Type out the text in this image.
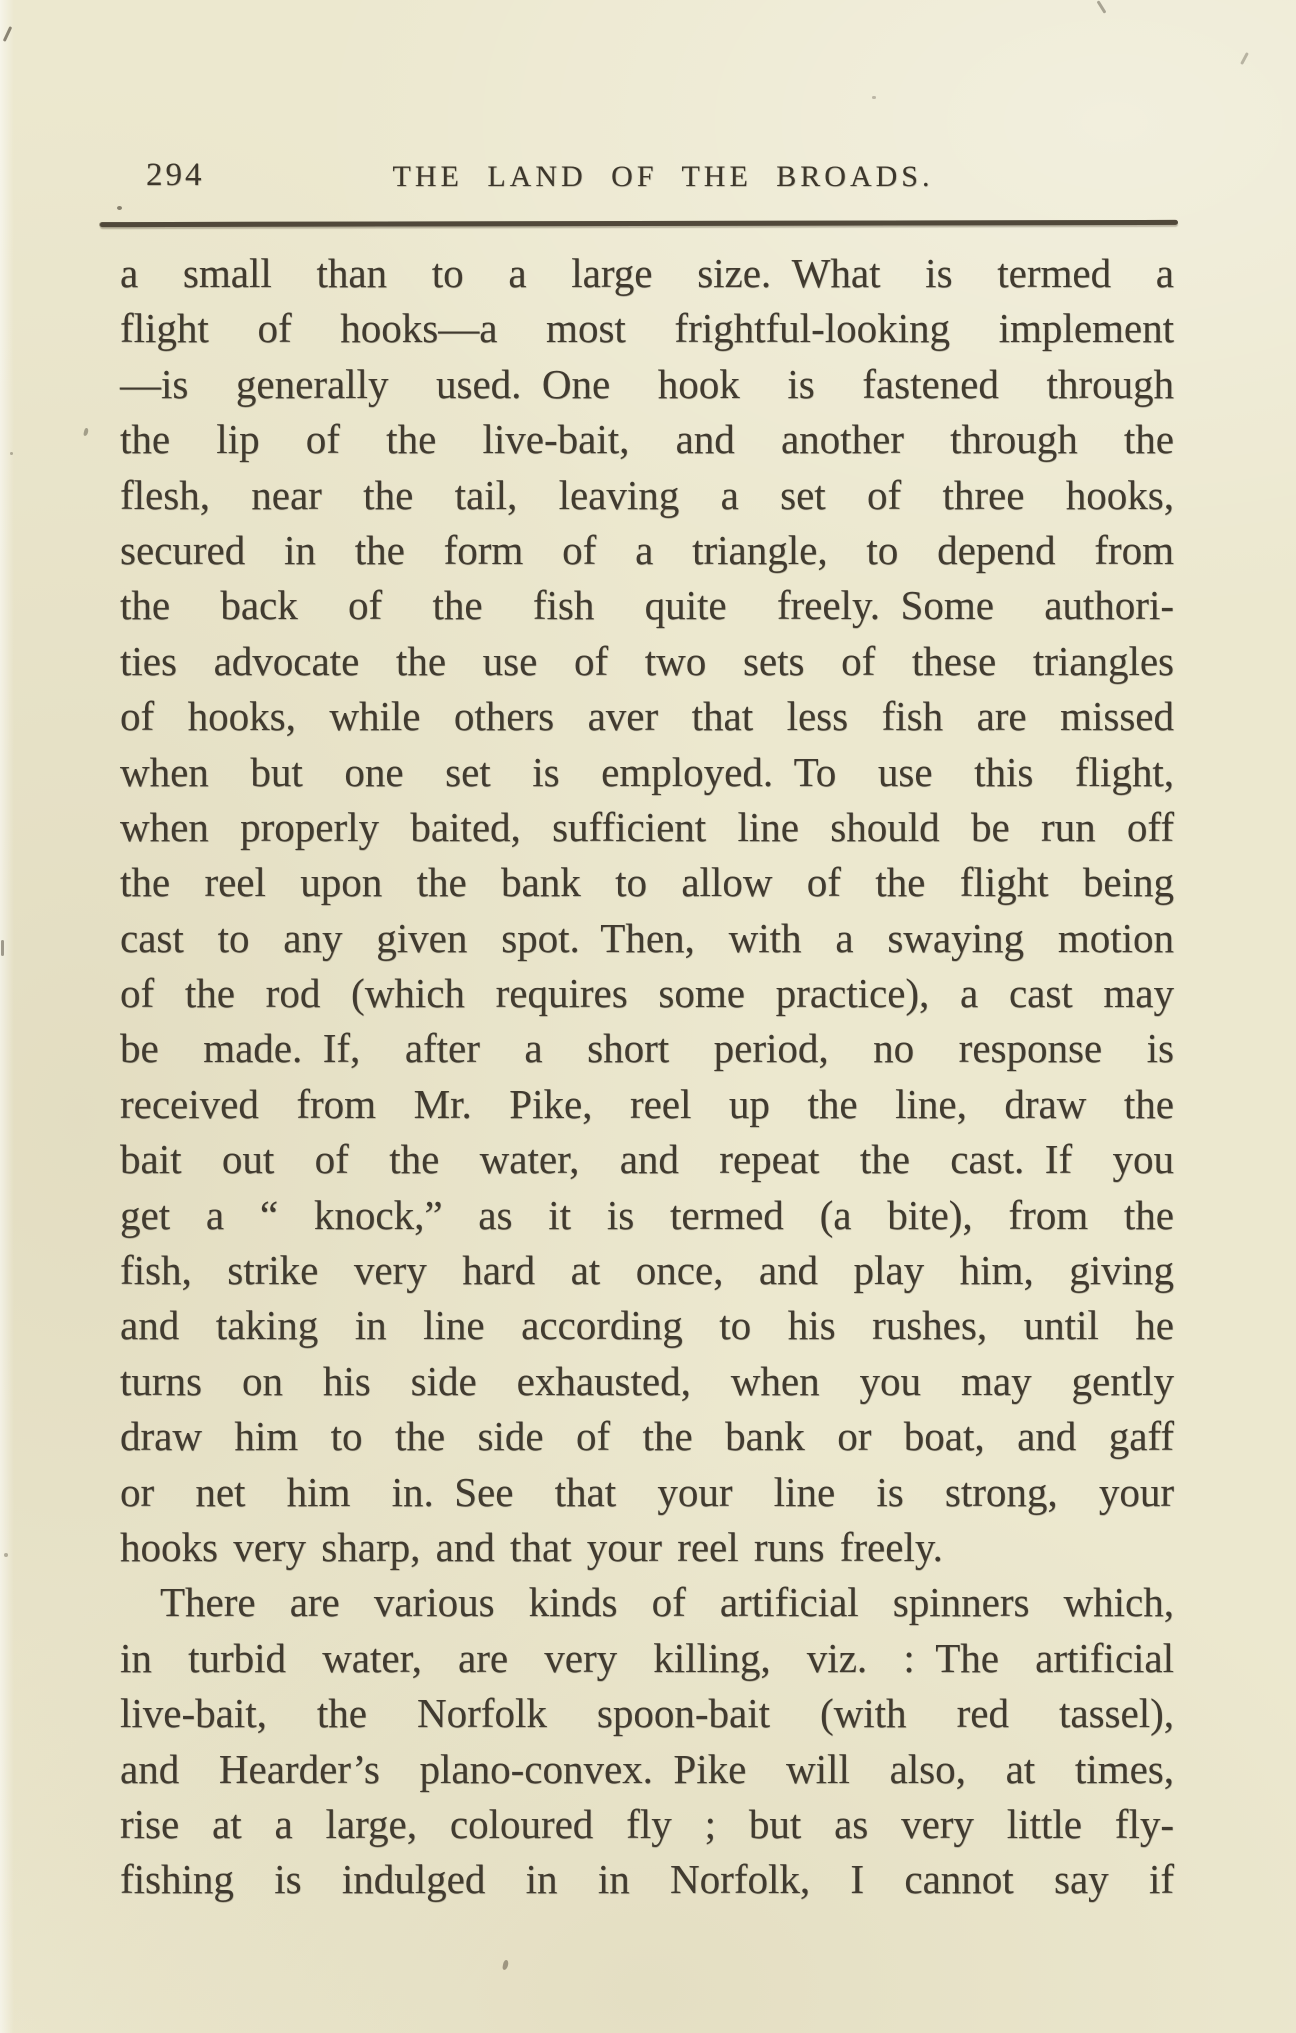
294	THE LAND OF THE BROADS.
a small than to a large size. What is termed a
flight of hooks—a most frightful-looking implement
—is generally used. One hook is fastened through
the lip of the live-bait, and another through the
flesh, near the tail, leaving a set of three hooks,
secured in the form of a triangle, to depend from
the back of the fish quite freely. Some authori-
ties advocate the use of two sets of these triangles
of hooks, while others aver that less fish are missed
when but one set is employed. To use this flight,
when properly baited, sufficient line should be run off
the reel upon the bank to allow of the flight being
cast to any given spot. Then, with a swaying motion
of the rod (which requires some practice), a cast may
be made. If, after a short period, no response is
received from Mr. Pike, reel up the line, draw the
bait out of the water, and repeat the cast. If you
get a “ knock,” as it is termed (a bite), from the
fish, strike very hard at once, and play him, giving
and taking in line according to his rushes, until he
turns on his side exhausted, when you may gently
draw him to the side of the bank or boat, and gaff
or net him in. See that your line is strong, your
hooks very sharp, and that your reel runs freely.
There are various kinds of artificial spinners which,
in turbid water, are very killing, viz. : The artificial
live-bait, the Norfolk spoon-bait (with red tassel),
and Hearder’s plano-convex. Pike will also, at times,
rise at a large, coloured fly ; but as very little fly-
fishing is indulged in in Norfolk, I cannot say if
